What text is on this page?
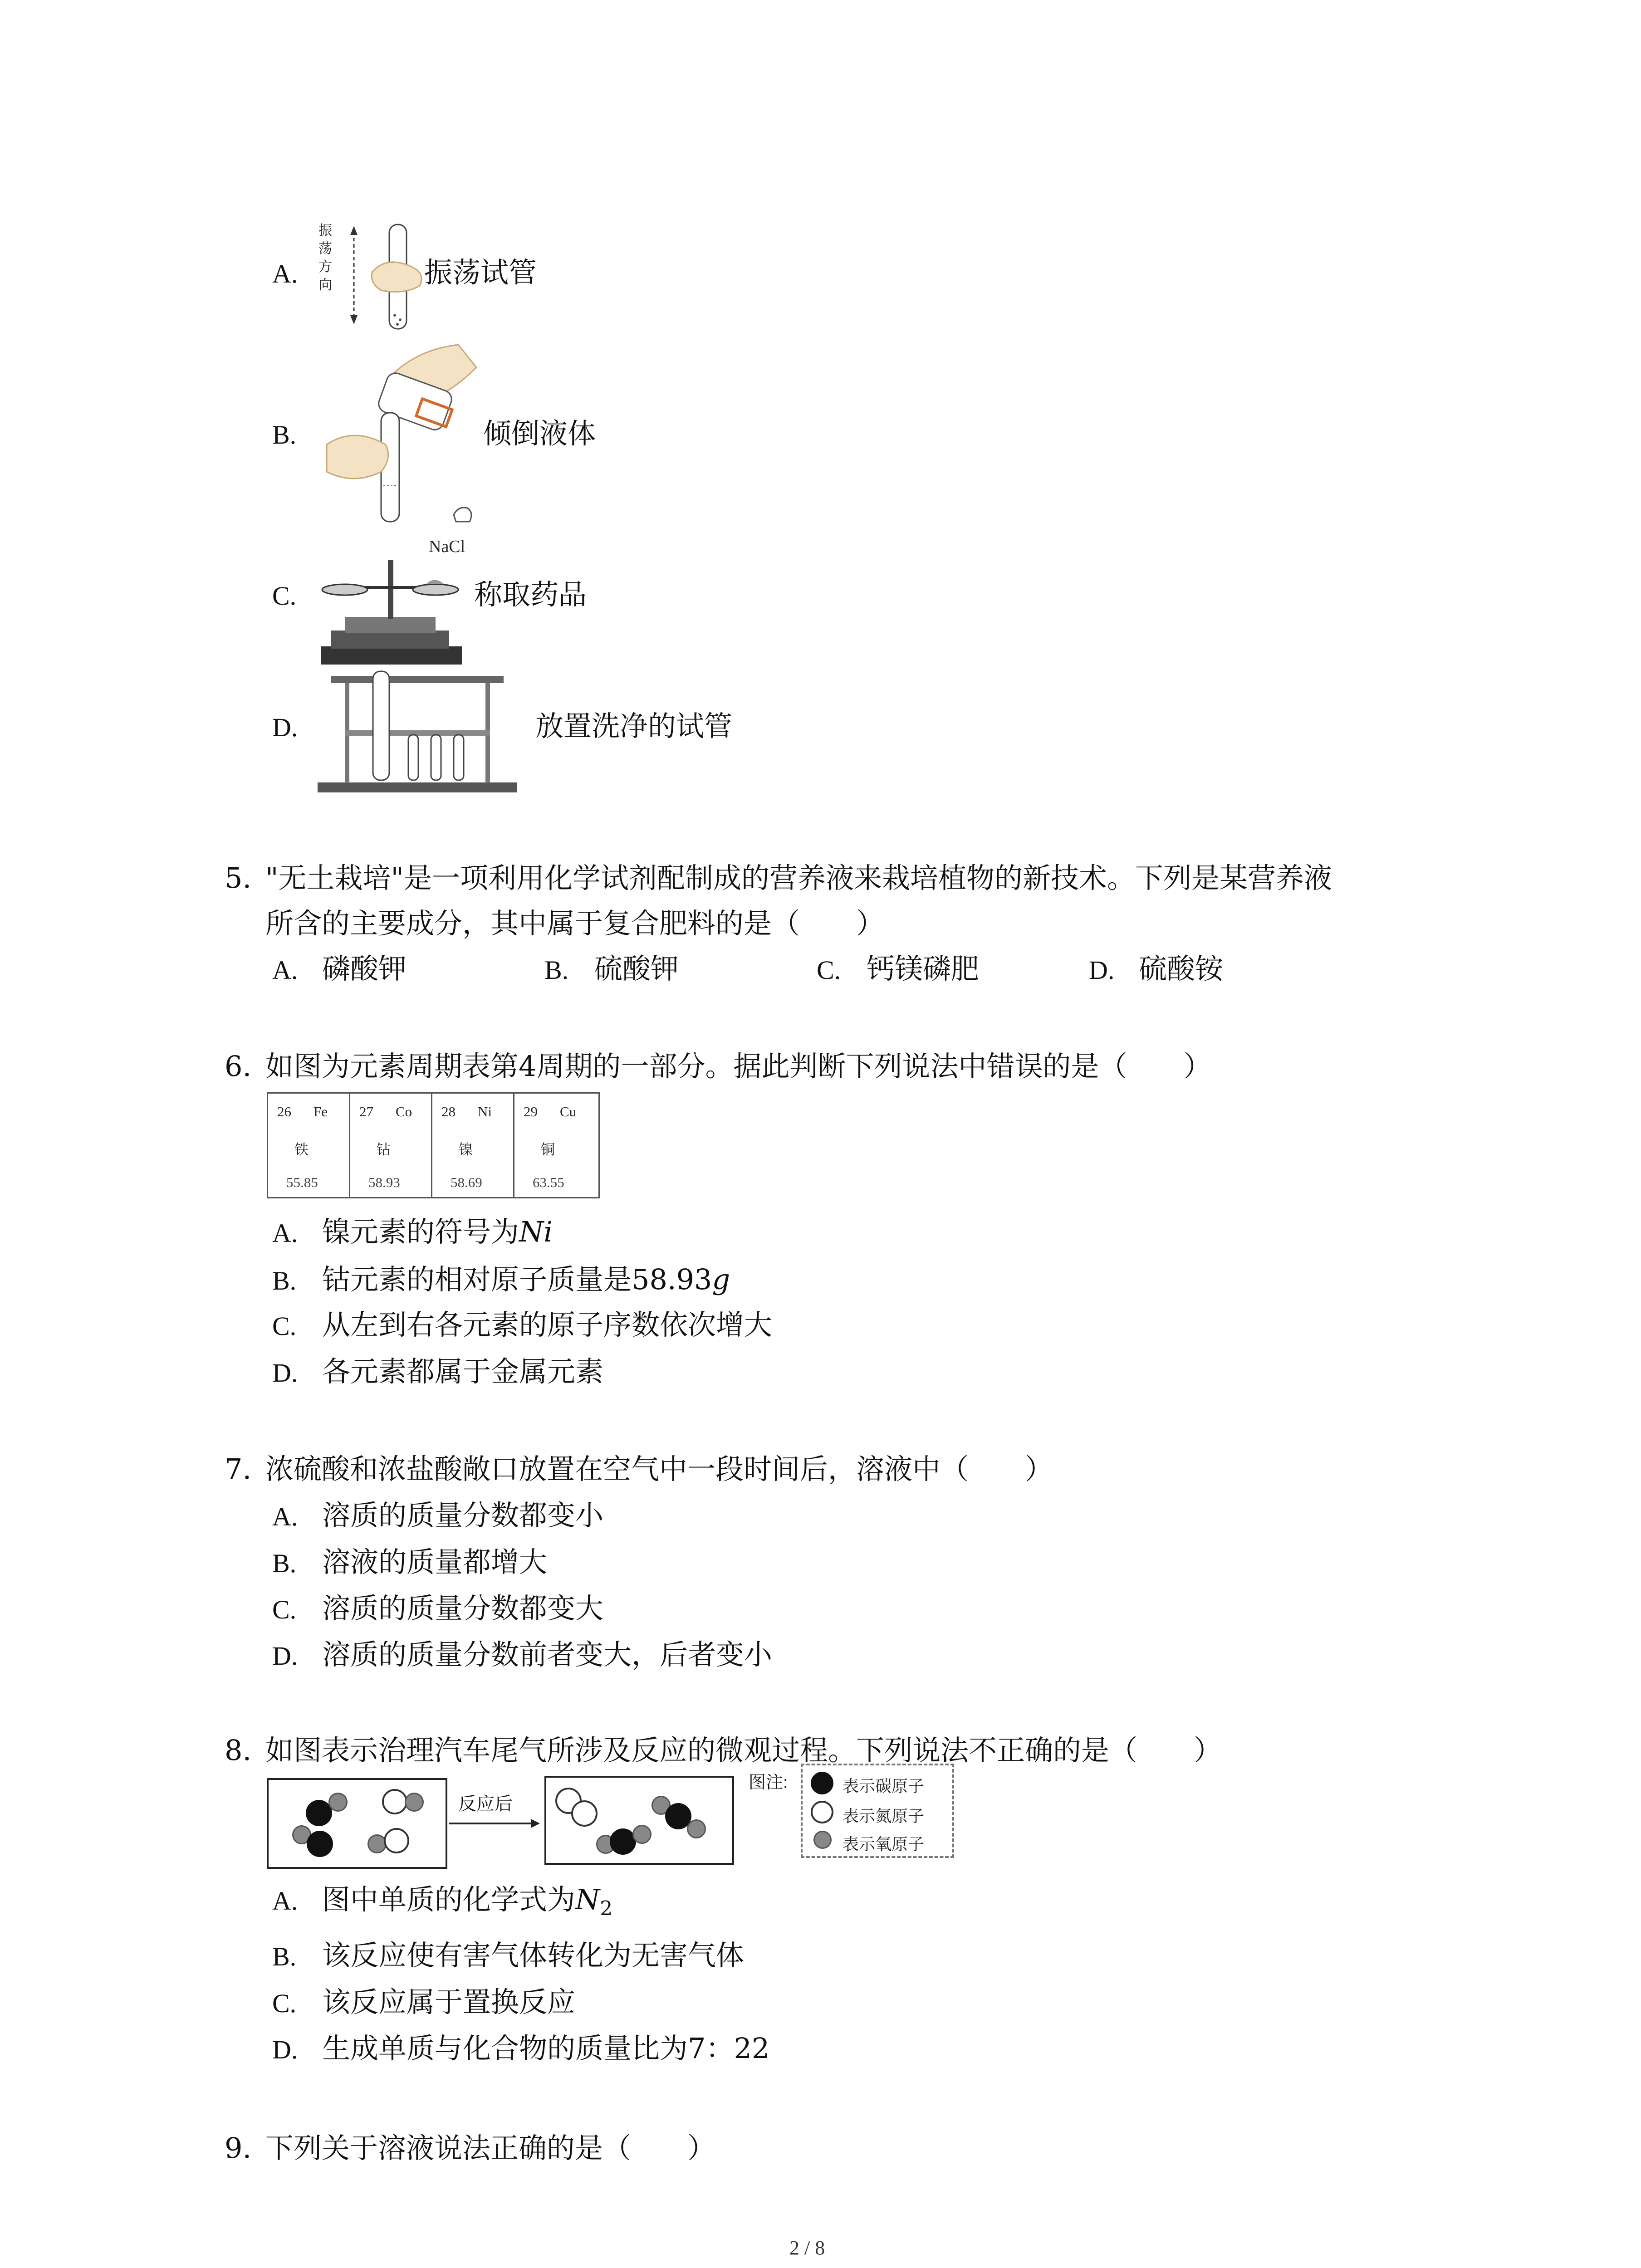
A.
振
荡
方
向	振荡试管
B.	倾倒液体
C.
NaCl
称取药品
D.	放置洗净的试管
5. "无土栽培"是一项利用化学试剂配制成的营养液来栽培植物的新技术。下列是某营养液
所含的主要成分，其中属于复合肥料的是（　　）
A. 磷酸钾	B. 硫酸钾	C. 钙镁磷肥	D. 硫酸铵
6. 如图为元素周期表第4周期的一部分。据此判断下列说法中错误的是（　　）
26 Fe
铁
55.85
27 Co
钴
58.93
28 Ni
镍
58.69
29 Cu
铜
63.55
A. 镍元素的符号为Ni
B. 钴元素的相对原子质量是58.93g
C. 从左到右各元素的原子序数依次增大
D. 各元素都属于金属元素
7. 浓硫酸和浓盐酸敞口放置在空气中一段时间后，溶液中（　　）
A. 溶质的质量分数都变小
B. 溶液的质量都增大
C. 溶质的质量分数都变大
D. 溶质的质量分数前者变大，后者变小
8. 如图表示治理汽车尾气所涉及反应的微观过程。下列说法不正确的是（　　）
反应后
图注:	表示碳原子
表示氮原子
表示氧原子
A. 图中单质的化学式为$N_2$
B. 该反应使有害气体转化为无害气体
C. 该反应属于置换反应
D. 生成单质与化合物的质量比为7：22
9. 下列关于溶液说法正确的是（　　）
2 / 8
